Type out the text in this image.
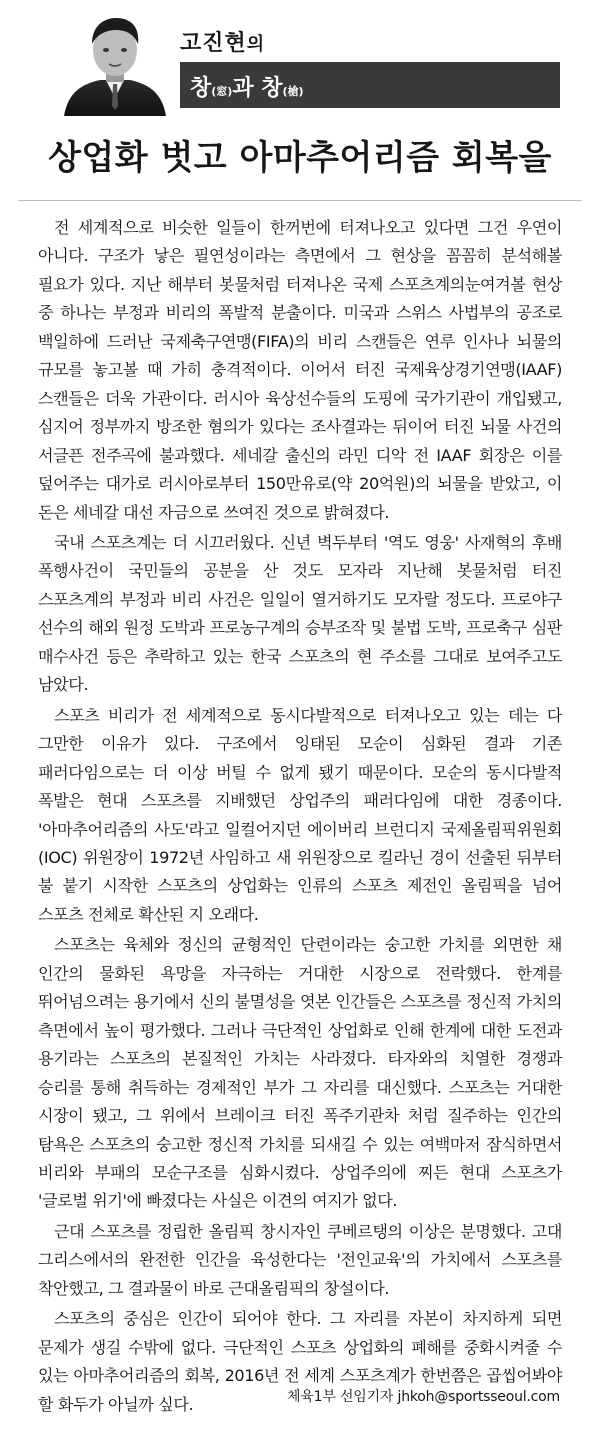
고진현의
창(窓)과 창(槍)
상업화 벗고 아마추어리즘 회복을

전 세계적으로 비슷한 일들이 한꺼번에 터져나오고 있다면 그건 우연이 아니다. 구조가 낳은 필연성이라는 측면에서 그 현상을 꼼꼼히 분석해볼 필요가 있다. 지난 해부터 봇물처럼 터져나온 국제 스포츠계의눈여겨볼 현상 중 하나는 부정과 비리의 폭발적 분출이다. 미국과 스위스 사법부의 공조로 백일하에 드러난 국제축구연맹(FIFA)의 비리 스캔들은 연루 인사나 뇌물의 규모를 놓고볼 때 가히 충격적이다. 이어서 터진 국제육상경기연맹(IAAF) 스캔들은 더욱 가관이다. 러시아 육상선수들의 도핑에 국가기관이 개입됐고, 심지어 정부까지 방조한 혐의가 있다는 조사결과는 뒤이어 터진 뇌물 사건의 서글픈 전주곡에 불과했다. 세네갈 출신의 라민 디악 전 IAAF 회장은 이를 덮어주는 대가로 러시아로부터 150만유로(약 20억원)의 뇌물을 받았고, 이 돈은 세네갈 대선 자금으로 쓰여진 것으로 밝혀졌다.

국내 스포츠계는 더 시끄러웠다. 신년 벽두부터 '역도 영웅' 사재혁의 후배 폭행사건이 국민들의 공분을 산 것도 모자라 지난해 봇물처럼 터진 스포츠계의 부정과 비리 사건은 일일이 열거하기도 모자랄 정도다. 프로야구 선수의 해외 원정 도박과 프로농구계의 승부조작 및 불법 도박, 프로축구 심판 매수사건 등은 추락하고 있는 한국 스포츠의 현 주소를 그대로 보여주고도 남았다.

스포츠 비리가 전 세계적으로 동시다발적으로 터져나오고 있는 데는 다 그만한 이유가 있다. 구조에서 잉태된 모순이 심화된 결과 기존 패러다임으로는 더 이상 버틸 수 없게 됐기 때문이다. 모순의 동시다발적 폭발은 현대 스포츠를 지배했던 상업주의 패러다임에 대한 경종이다. '아마추어리즘의 사도'라고 일컬어지던 에이버리 브런디지 국제올림픽위원회(IOC) 위원장이 1972년 사임하고 새 위원장으로 킬라닌 경이 선출된 뒤부터 불 붙기 시작한 스포츠의 상업화는 인류의 스포츠 제전인 올림픽을 넘어 스포츠 전체로 확산된 지 오래다.

스포츠는 육체와 정신의 균형적인 단련이라는 숭고한 가치를 외면한 채 인간의 물화된 욕망을 자극하는 거대한 시장으로 전락했다. 한계를 뛰어넘으려는 용기에서 신의 불멸성을 엿본 인간들은 스포츠를 정신적 가치의 측면에서 높이 평가했다. 그러나 극단적인 상업화로 인해 한계에 대한 도전과 용기라는 스포츠의 본질적인 가치는 사라졌다. 타자와의 치열한 경쟁과 승리를 통해 취득하는 경제적인 부가 그 자리를 대신했다. 스포츠는 거대한 시장이 됐고, 그 위에서 브레이크 터진 폭주기관차 처럼 질주하는 인간의 탐욕은 스포츠의 숭고한 정신적 가치를 되새길 수 있는 여백마저 잠식하면서 비리와 부패의 모순구조를 심화시켰다. 상업주의에 찌든 현대 스포츠가 '글로벌 위기'에 빠졌다는 사실은 이견의 여지가 없다.

근대 스포츠를 정립한 올림픽 창시자인 쿠베르탱의 이상은 분명했다. 고대 그리스에서의 완전한 인간을 육성한다는 '전인교육'의 가치에서 스포츠를 착안했고, 그 결과물이 바로 근대올림픽의 창설이다.

스포츠의 중심은 인간이 되어야 한다. 그 자리를 자본이 차지하게 되면 문제가 생길 수밖에 없다. 극단적인 스포츠 상업화의 폐해를 중화시켜줄 수 있는 아마추어리즘의 회복, 2016년 전 세계 스포츠계가 한번쯤은 곱씹어봐야 할 화두가 아닐까 싶다.	체육1부 선임기자 jhkoh@sportsseoul.com
